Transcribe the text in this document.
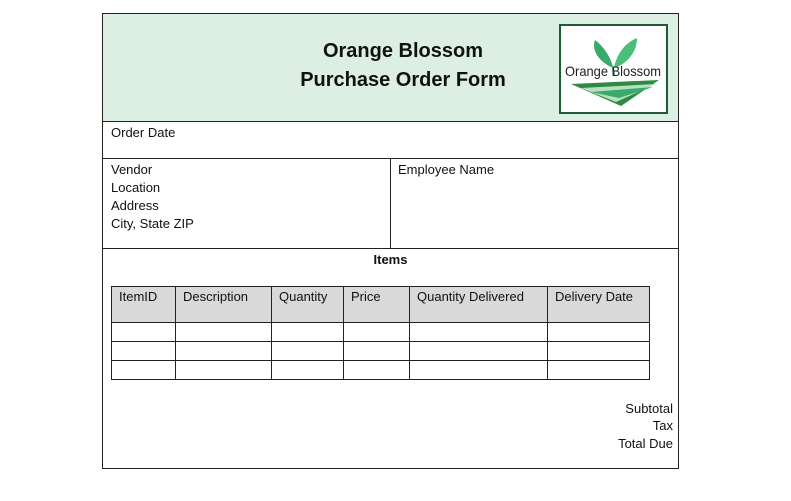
Orange Blossom
Purchase Order Form	Orange Blossom
Order Date
Vendor
Location
Address
City, State ZIP
Employee Name
Items
ItemID	Description	Quantity	Price	Quantity Delivered	Delivery Date

Subtotal
Tax
Total Due
